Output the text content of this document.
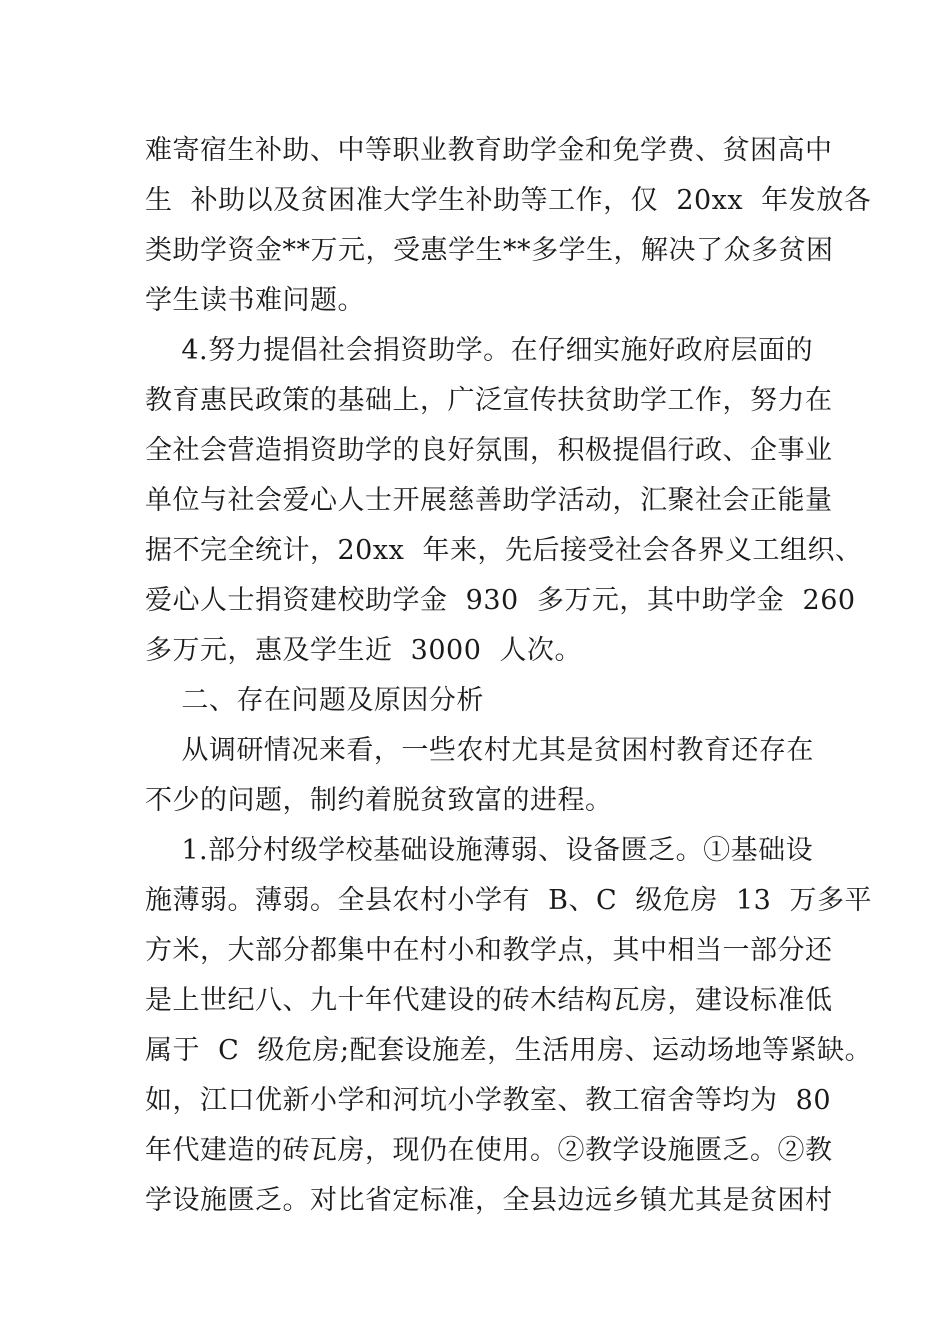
难寄宿生补助、中等职业教育助学金和免学费、贫困高中
生  补助以及贫困准大学生补助等工作，仅  20xx  年发放各
类助学资金**万元，受惠学生**多学生，解决了众多贫困
学生读书难问题。
4.努力提倡社会捐资助学。在仔细实施好政府层面的
教育惠民政策的基础上，广泛宣传扶贫助学工作，努力在
全社会营造捐资助学的良好氛围，积极提倡行政、企事业
单位与社会爱心人士开展慈善助学活动，汇聚社会正能量
据不完全统计，20xx  年来，先后接受社会各界义工组织、
爱心人士捐资建校助学金  930  多万元，其中助学金  260
多万元，惠及学生近  3000  人次。
二、存在问题及原因分析
从调研情况来看，一些农村尤其是贫困村教育还存在
不少的问题，制约着脱贫致富的进程。
1.部分村级学校基础设施薄弱、设备匮乏。①基础设
施薄弱。薄弱。全县农村小学有  B、C  级危房  13  万多平
方米，大部分都集中在村小和教学点，其中相当一部分还
是上世纪八、九十年代建设的砖木结构瓦房，建设标准低
属于  C  级危房;配套设施差，生活用房、运动场地等紧缺。
如，江口优新小学和河坑小学教室、教工宿舍等均为  80
年代建造的砖瓦房，现仍在使用。②教学设施匮乏。②教
学设施匮乏。对比省定标准，全县边远乡镇尤其是贫困村
